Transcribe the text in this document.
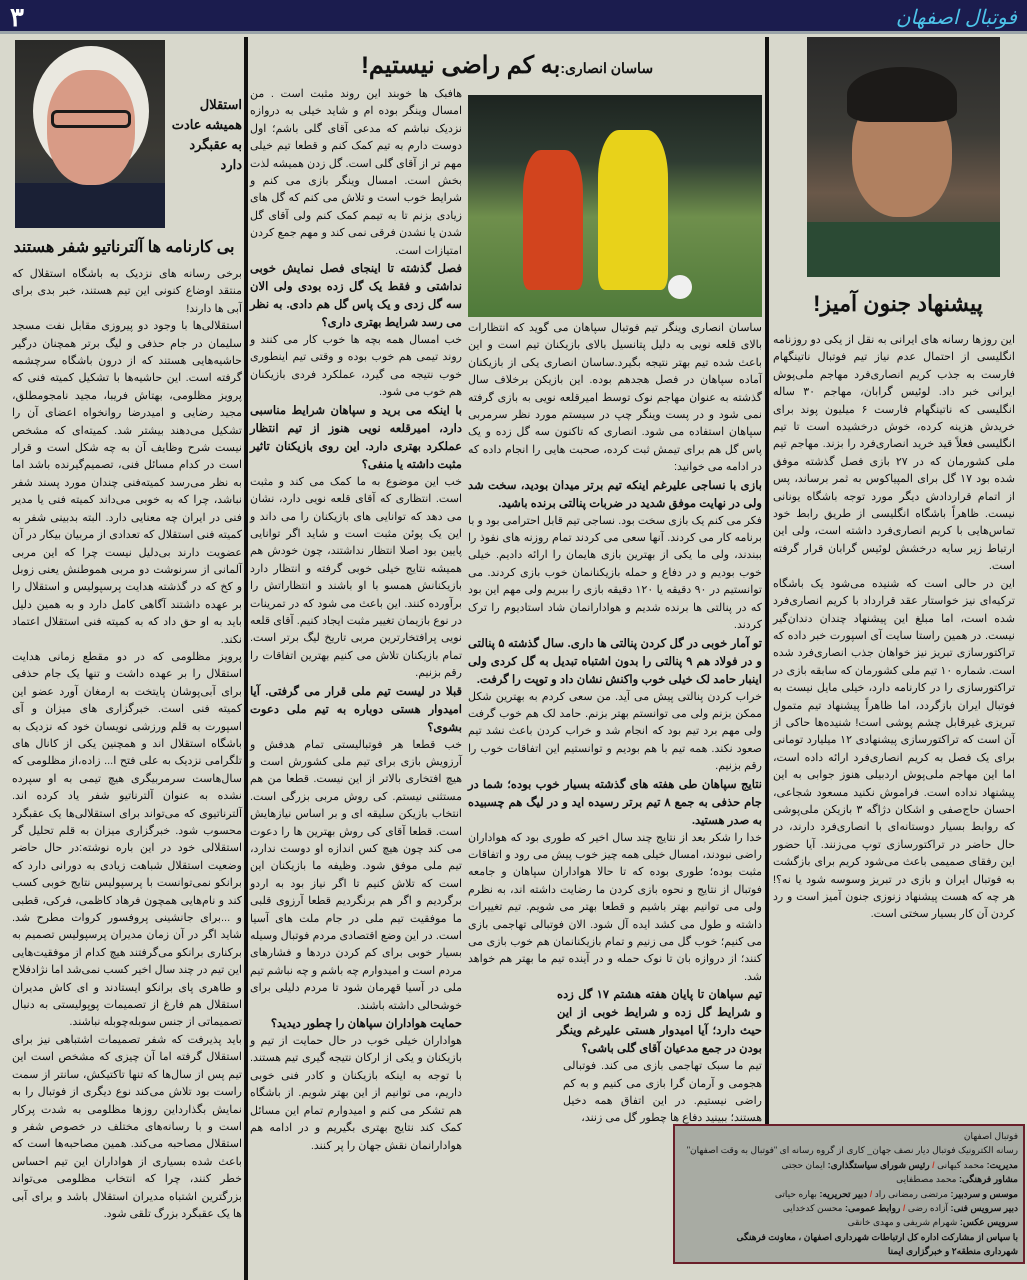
فوتبال اصفهان
۳
پیشنهاد جنون آمیز!

این روزها رسانه های ایرانی به نقل از یکی دو روزنامه انگلیسی از احتمال عدم نیاز تیم فوتبال ناتینگهام فارست به جذب کریم انصاری‌فرد مهاجم ملی‌پوش ایرانی خبر داد. لوئیس گرابان، مهاجم ۳۰ ساله انگلیسی که ناتینگهام فارست ۶ میلیون پوند برای خریدش هزینه کرده، خوش درخشیده است تا تیم انگلیسی فعلاً قید خرید انصاری‌فرد را بزند. مهاجم تیم ملی کشورمان که در ۲۷ بازی فصل گذشته موفق شده بود ۱۷ گل برای المپیاکوس به ثمر برساند، پس از اتمام قراردادش دیگر مورد توجه باشگاه یونانی نیست. ظاهراً باشگاه انگلیسی از طریق رابط خود تماس‌هایی با کریم انصاری‌فرد داشته است، ولی این ارتباط زیر سایه درخشش لوئیس گرابان قرار گرفته است.

این در حالی است که شنیده می‌شود یک باشگاه ترکیه‌ای نیز خواستار عقد قرارداد با کریم انصاری‌فرد شده است، اما مبلغ این پیشنهاد چندان دندان‌گیر نیست. در همین راستا سایت آی اسپورت خبر داده که تراکتورسازی تبریز نیز خواهان جذب انصاری‌فرد شده است. شماره ۱۰ تیم ملی کشورمان که سابقه بازی در تراکتورسازی را در کارنامه دارد، خیلی مایل نیست به فوتبال ایران بازگردد، اما ظاهراً پیشنهاد تیم متمول تبریزی غیرقابل چشم پوشی است! شنیده‌ها حاکی از آن است که تراکتورسازی پیشنهادی ۱۲ میلیارد تومانی برای یک فصل به کریم انصاری‌فرد ارائه داده است، اما این مهاجم ملی‌پوش اردبیلی هنوز جوابی به این پیشنهاد نداده است. فراموش نکنید مسعود شجاعی، احسان حاج‌صفی و اشکان دژاگه ۳ بازیکن ملی‌پوشی که روابط بسیار دوستانه‌ای با انصاری‌فرد دارند، در حال حاضر در تراکتورسازی توپ می‌زنند. آیا حضور این رفقای صمیمی باعث می‌شود کریم برای بازگشت به فوتبال ایران و بازی در تبریز وسوسه شود یا نه؟! هر چه که هست پیشنهاد زنوزی جنون آمیز است و رد کردن آن کار بسیار سختی است.

ساسان انصاری:به کم راضی نیستیم!

ساسان انصاری وینگر تیم فوتبال سپاهان می گوید که انتظارات بالای قلعه نویی به دلیل پتانسیل بالای بازیکنان تیم است و این باعث شده تیم بهتر نتیجه بگیرد.ساسان انصاری یکی از بازیکنان آماده سپاهان در فصل هجدهم بوده. این بازیکن برخلاف سال گذشته به عنوان مهاجم نوک توسط امیرقلعه نویی به بازی گرفته نمی شود و در پست وینگر چپ در سیستم مورد نظر سرمربی سپاهان استفاده می شود. انصاری که تاکنون سه گل زده و یک پاس گل هم برای تیمش ثبت کرده، صحبت هایی را انجام داده که در ادامه می خوانید:

بازی با نساجی علیرغم اینکه تیم برتر میدان بودید، سخت شد ولی در نهایت موفق شدید در ضربات پنالتی برنده باشید.

فکر می کنم یک بازی سخت بود. نساجی تیم قابل احترامی بود و با برنامه کار می کردند. آنها سعی می کردند تمام روزنه های نفوذ را ببندند، ولی ما یکی از بهترین بازی هایمان را ارائه دادیم. خیلی خوب بودیم و در دفاع و حمله بازیکنانمان خوب بازی کردند. می توانستیم در ۹۰ دقیقه یا ۱۲۰ دقیقه بازی را ببریم ولی مهم این بود که در پنالتی ها برنده شدیم و هوادارانمان شاد استادیوم را ترک کردند.

تو آمار خوبی در گل کردن پنالتی ها داری. سال گذشته ۵ پنالتی و در فولاد هم ۹ پنالتی را بدون اشتباه تبدیل به گل کردی ولی اینبار حامد لک خیلی خوب واکنش نشان داد و توپت را گرفت.

خراب کردن پنالتی پیش می آید. من سعی کردم به بهترین شکل ممکن بزنم ولی می توانستم بهتر بزنم. حامد لک هم خوب گرفت ولی مهم برد تیم بود که انجام شد و خراب کردن باعث نشد تیم صعود نکند. همه تیم با هم بودیم و توانستیم این اتفاقات خوب را رقم بزنیم.

نتایج سپاهان طی هفته های گذشته بسیار خوب بوده؛ شما در جام حذفی به جمع ۸ تیم برتر رسیده اید و در لیگ هم چسبیده به صدر هستید.

خدا را شکر بعد از نتایج چند سال اخیر که طوری بود که هواداران راضی نبودند، امسال خیلی همه چیز خوب پیش می رود و اتفاقات مثبت بوده؛ طوری بوده که تا حالا هواداران سپاهان و جامعه فوتبال از نتایج و نحوه بازی کردن ما رضایت داشته اند، به نظرم ولی می توانیم بهتر باشیم و قطعا بهتر می شویم. تیم تغییرات داشته و طول می کشد ایده آل شود. الان فوتبالی تهاجمی بازی می کنیم؛ خوب گل می زنیم و تمام بازیکنانمان هم خوب بازی می کنند؛ از دروازه بان تا نوک حمله و در آینده تیم ما بهتر هم خواهد شد.

تیم سپاهان تا پایان هفته هشتم ۱۷ گل زده و شرایط گل زده و شرایط خوبی از این حیث دارد؛ آیا امیدوار هستی علیرغم وینگر بودن در جمع مدعیان آقای گلی باشی؟

تیم ما سبک تهاجمی بازی می کند. فوتبالی هجومی و آرمان گرا بازی می کنیم و به کم راضی نیستیم. در این اتفاق همه دخیل هستند؛ ببینید دفاع ها چطور گل می زنند،

هافبک ها خوبند این روند مثبت است . من امسال وینگر بوده ام و شاید خیلی به دروازه نزدیک نباشم که مدعی آقای گلی باشم؛ اول دوست دارم به تیم کمک کنم و قطعا تیم خیلی مهم تر از آقای گلی است. گل زدن همیشه لذت بخش است. امسال وینگر بازی می کنم و شرایط خوب است و تلاش می کنم که گل های زیادی بزنم تا به تیمم کمک کنم ولی آقای گل شدن یا نشدن فرقی نمی کند و مهم جمع کردن امتیازات است.

فصل گذشته تا اینجای فصل نمایش خوبی نداشتی و فقط یک گل زده بودی ولی الان سه گل زدی و یک پاس گل هم دادی. به نظر می رسد شرایط بهتری داری؟

خب امسال همه بچه ها خوب کار می کنند و روند تیمی هم خوب بوده و وقتی تیم اینطوری خوب نتیجه می گیرد، عملکرد فردی بازیکنان هم خوب می شود.

با اینکه می برید و سپاهان شرایط مناسبی دارد، امیرقلعه نویی هنوز از تیم انتظار عملکرد بهتری دارد. این روی بازیکنان تاثیر مثبت داشته یا منفی؟

خب این موضوع به ما کمک می کند و مثبت است. انتظاری که آقای قلعه نویی دارد، نشان می دهد که توانایی های بازیکنان را می داند و این یک پوئن مثبت است و شاید اگر توانایی پایین بود اصلا انتظار نداشتند، چون خودش هم همیشه نتایج خیلی خوبی گرفته و انتظار دارد بازیکنانش همسو با او باشند و انتظاراتش را برآورده کنند. این باعث می شود که در تمرینات در نوع بازیمان تغییر مثبت ایجاد کنیم. آقای قلعه نویی پرافتخارترین مربی تاریخ لیگ برتر است. تمام بازیکنان تلاش می کنیم بهترین اتفاقات را رقم بزنیم.

قبلا در لیست تیم ملی قرار می گرفتی. آیا امیدوار هستی دوباره به تیم ملی دعوت بشوی؟

خب قطعا هر فوتبالیستی تمام هدفش و آرزویش بازی برای تیم ملی کشورش است و هیچ افتخاری بالاتر از این نیست. قطعا من هم مستثنی نیستم. کی روش مربی بزرگی است. انتخاب بازیکن سلیقه ای و بر اساس نیازهایش است. قطعا آقای کی روش بهترین ها را دعوت می کند چون هیچ کس اندازه او دوست ندارد، تیم ملی موفق شود. وظیفه ما بازیکنان این است که تلاش کنیم تا اگر نیاز بود به اردو برگردیم و اگر هم برنگردیم قطعا آرزوی قلبی ما موفقیت تیم ملی در جام ملت های آسیا است. در این وضع اقتصادی مردم فوتبال وسیله بسیار خوبی برای کم کردن دردها و فشارهای مردم است و امیدوارم چه باشم و چه نباشم تیم ملی در آسیا قهرمان شود تا مردم دلیلی برای خوشحالی داشته باشند.

حمایت هواداران سپاهان را چطور دیدید؟

هواداران خیلی خوب در حال حمایت از تیم و بازیکنان و یکی از ارکان نتیجه گیری تیم هستند. با توجه به اینکه بازیکنان و کادر فنی خوبی داریم، می توانیم از این بهتر شویم. از باشگاه هم تشکر می کنم و امیدوارم تمام این مسائل کمک کند نتایج بهتری بگیریم و در ادامه هم هوادارانمان نقش جهان را پر کنند.

استقلال همیشه عادت به عقبگرد دارد
بی کارنامه ها آلترناتیو شفر هستند

برخی رسانه های نزدیک به باشگاه استقلال که منتقد اوضاع کنونی این تیم هستند، خبر بدی برای آبی ها دارند!

استقلالی‌ها با وجود دو پیروزی مقابل نفت مسجد سلیمان در جام حذفی و لیگ برتر همچنان درگیر حاشیه‌هایی هستند که از درون باشگاه سرچشمه گرفته است. این حاشیه‌ها با تشکیل کمیته فنی که پرویز مظلومی، بهتاش فریبا، مجید نامجومطلق، مجید رضایی و امیدرضا روانخواه اعضای آن را تشکیل می‌دهند بیشتر شد. کمیته‌ای که مشخص نیست شرح وظایف آن به چه شکل است و قرار است در کدام مسائل فنی، تصمیم‌گیرنده باشد اما به نظر می‌رسد کمیته‌فنی چندان مورد پسند شفر نباشد، چرا که به خوبی می‌داند کمیته فنی یا مدیر فنی در ایران چه معنایی دارد. البته بدبینی شفر به کمیته فنی استقلال که تعدادی از مربیان بیکار در آن عضویت دارند بی‌دلیل نیست چرا که این مربی آلمانی از سرنوشت دو مربی هموطنش یعنی زوبل و کخ که در گذشته هدایت پرسپولیس و استقلال را بر عهده داشتند آگاهی کامل دارد و به همین دلیل باید به او حق داد که به کمیته فنی استقلال اعتماد نکند.

پرویز مظلومی که در دو مقطع زمانی هدایت استقلال را بر عهده داشت و تنها یک جام حذفی برای آبی‌پوشان پایتخت به ارمغان آورد عضو این کمیته فنی است. خبرگزاری های میزان و آی اسپورت به قلم ورزشی نویسان خود که نزدیک به باشگاه استقلال اند و همچنین یکی از کانال های تلگرامی نزدیک به علی فتح ا... زاده،از مظلومی که سال‌هاست سرمربیگری هیچ تیمی به او سپرده نشده به عنوان آلترناتیو شفر یاد کرده اند. آلترناتیوی که می‌تواند برای استقلالی‌ها یک عقبگرد محسوب شود. خبرگزاری میزان به قلم تحلیل گر استقلالی خود در این باره نوشته:در حال حاضر وضعیت استقلال شباهت زیادی به دورانی دارد که برانکو نمی‌توانست با پرسپولیس نتایج خوبی کسب کند و نام‌هایی همچون فرهاد کاظمی، فرکی، قطبی و ...برای جانشینی پروفسور کروات مطرح شد. شاید اگر در آن زمان مدیران پرسپولیس تصمیم به برکناری برانکو می‌گرفتند هیچ کدام از موفقیت‌هایی این تیم در چند سال اخیر کسب نمی‌شد اما نژادفلاح و طاهری پای برانکو ایستادند و ای کاش مدیران استقلال هم فارغ از تصمیمات پوپولیستی به دنبال تصمیماتی از جنس سوبله‌چوبله نباشند.

باید پذیرفت که شفر تصمیمات اشتباهی نیز برای استقلال گرفته اما آن چیزی که مشخص است این تیم پس از سال‌ها که تنها تاکتیکش، سانتر از سمت راست بود تلاش می‌کند نوع دیگری از فوتبال را به نمایش بگذارداین روزها مظلومی به شدت پرکار است و با رسانه‌های مختلف در خصوص شفر و استقلال مصاحبه می‌کند. همین مصاحبه‌ها است که باعث شده بسیاری از هواداران این تیم احساس خطر کنند، چرا که انتخاب مظلومی می‌تواند بزرگترین اشتباه مدیران استقلال باشد و برای آبی ها یک عقبگرد بزرگ تلقی شود.

فوتبال اصفهان
رسانه الکترونیک فوتبال دیار نصف جهان_ کاری از گروه رسانه ای "فوتبال به وقت اصفهان"
مدیریت: محمد کیهانی / رئیس شورای سیاستگذاری: ایمان حجتی
مشاور فرهنگی: محمد مصطفایی
موسس و سردبیر: مرتضی رمضانی راد / دبیر تحریریه: بهاره حیاتی
دبیر سرویس فنی: آزاده رضی / روابط عمومی: محسن کدخدایی
سرویس عکس: شهرام شریفی و مهدی خانقی
با سپاس از مشارکت اداره کل ارتباطات شهرداری اصفهان ، معاونت فرهنگی
شهرداری منطقه۲ و خبرگزاری ایمنا
